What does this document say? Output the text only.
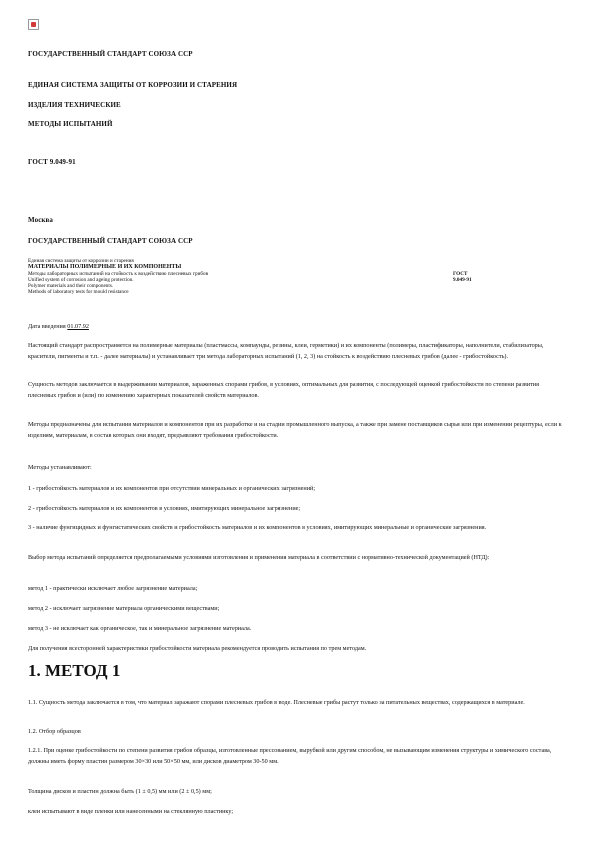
ГОСУДАРСТВЕННЫЙ СТАНДАРТ СОЮЗА ССР
ЕДИНАЯ СИСТЕМА ЗАЩИТЫ ОТ КОРРОЗИИ И СТАРЕНИЯ
ИЗДЕЛИЯ ТЕХНИЧЕСКИЕ
МЕТОДЫ ИСПЫТАНИЙ
ГОСТ 9.049-91
Москва
ГОСУДАРСТВЕННЫЙ СТАНДАРТ СОЮЗА ССР
Единая система защиты от коррозии и старения
МАТЕРИАЛЫ ПОЛИМЕРНЫЕ И ИХ КОМПОНЕНТЫ
Методы лабораторных испытаний на стойкость к воздействию плесневых грибов	ГОСТ
Unified system of corrosion and ageing protection.	9.049-91
Polymer materials and their components.
Methods of laboratory tests for mould resistance
Дата введения 01.07.92
Настоящий стандарт распространяется на полимерные материалы (пластмассы, компаунды, резины, клеи, герметики) и их компоненты (полимеры, пластификаторы, наполнители, стабилизаторы, красители, пигменты и т.п. - далее материалы) и устанавливает три метода лабораторных испытаний (1, 2, 3) на стойкость к воздействию плесневых грибов (далее - грибостойкость).
Сущность методов заключается в выдерживании материалов, зараженных спорами грибов, в условиях, оптимальных для развития, с последующей оценкой грибостойкости по степени развития плесневых грибов и (или) по изменению характерных показателей свойств материалов.
Методы предназначены для испытания материалов и компонентов при их разработке и на стадии промышленного выпуска, а также при замене поставщиков сырья или при изменении рецептуры, если к изделиям, материалам, в состав которых они входят, предъявляют требования грибостойкости.
Методы устанавливают:
1 - грибостойкость материалов и их компонентов при отсутствии минеральных и органических загрязнений;
2 - грибостойкость материалов и их компонентов в условиях, имитирующих минеральное загрязнение;
3 - наличие фунгицидных и фунгистатических свойств и грибостойкость материалов и их компонентов в условиях, имитирующих минеральные и органические загрязнения.
Выбор метода испытаний определяется предполагаемыми условиями изготовления и применения материала в соответствии с нормативно-технической документацией (НТД):
метод 1 - практически исключает любое загрязнение материала;
метод 2 - исключает загрязнение материала органическими веществами;
метод 3 - не исключает как органическое, так и минеральное загрязнение материала.
Для получения всесторонней характеристики грибостойкости материала рекомендуется проводить испытания по трем методам.
1. МЕТОД 1
1.1. Сущность метода заключается в том, что материал заражают спорами плесневых грибов в воде. Плесневые грибы растут только за питательных веществах, содержащихся в материале.
1.2. Отбор образцов
1.2.1. При оценке грибостойкости по степени развития грибов образцы, изготовленные прессованием, вырубкой или другим способом, не вызывающим изменения структуры и химического состава, должны иметь форму пластин размером 30×30 или 50×50 мм, или дисков диаметром 30-50 мм.
Толщина дисков и пластин должна быть (1 ± 0,5) мм или (2 ± 0,5) мм;
клеи испытывают в виде пленки или нанесенными на стеклянную пластинку;
